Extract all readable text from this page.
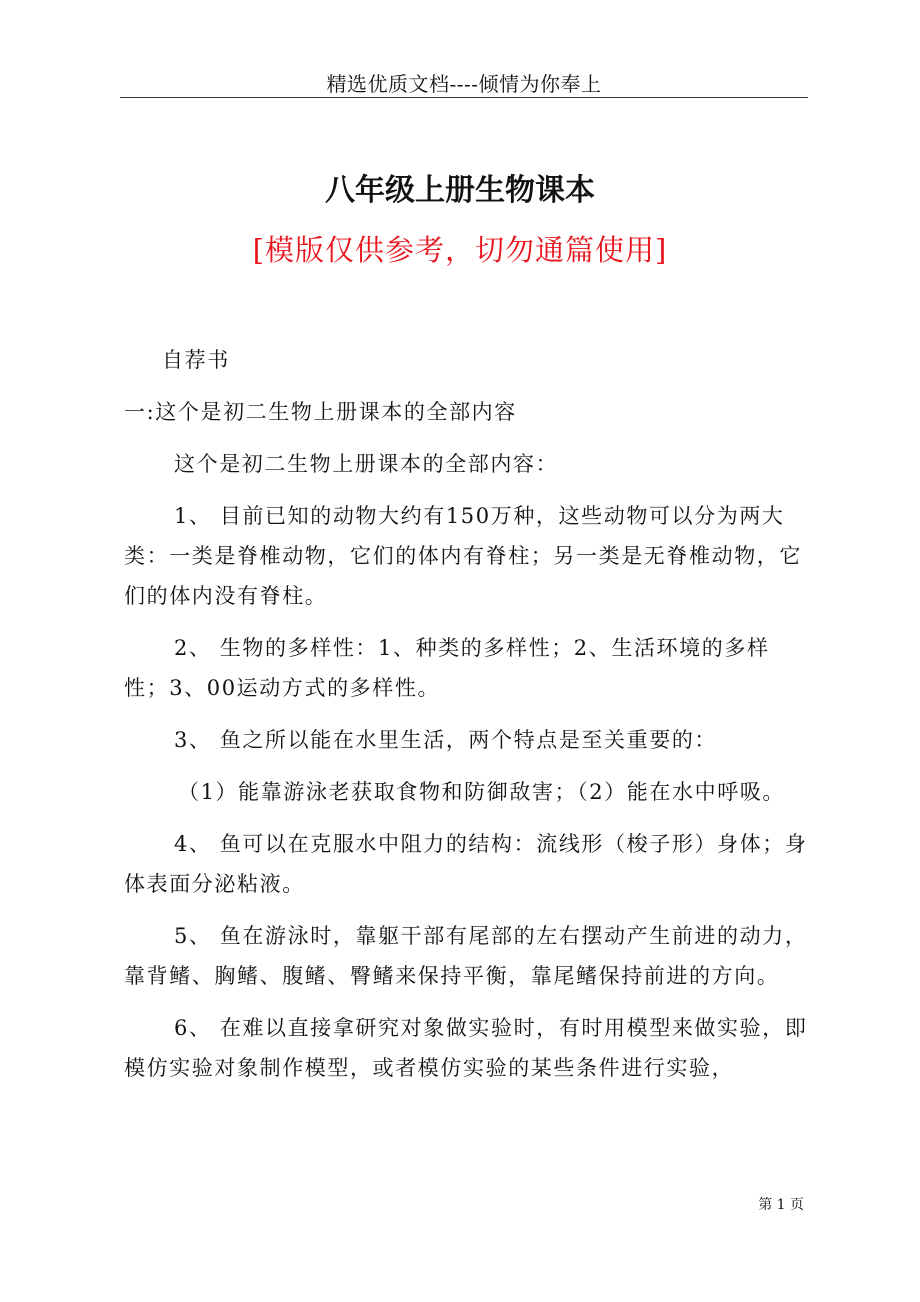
精选优质文档----倾情为你奉上
八年级上册生物课本
[模版仅供参考，切勿通篇使用]

自荐书

一:这个是初二生物上册课本的全部内容

这个是初二生物上册课本的全部内容：

1、 目前已知的动物大约有150万种，这些动物可以分为两大类：一类是脊椎动物，它们的体内有脊柱；另一类是无脊椎动物，它们的体内没有脊柱。

2、 生物的多样性：1、种类的多样性；2、生活环境的多样性；3、00运动方式的多样性。

3、 鱼之所以能在水里生活，两个特点是至关重要的：

（1）能靠游泳老获取食物和防御敌害；（2）能在水中呼吸。

4、 鱼可以在克服水中阻力的结构：流线形（梭子形）身体；身体表面分泌粘液。

5、 鱼在游泳时，靠躯干部有尾部的左右摆动产生前进的动力，靠背鳍、胸鳍、腹鳍、臀鳍来保持平衡，靠尾鳍保持前进的方向。

6、 在难以直接拿研究对象做实验时，有时用模型来做实验，即模仿实验对象制作模型，或者模仿实验的某些条件进行实验，

第 1 页
